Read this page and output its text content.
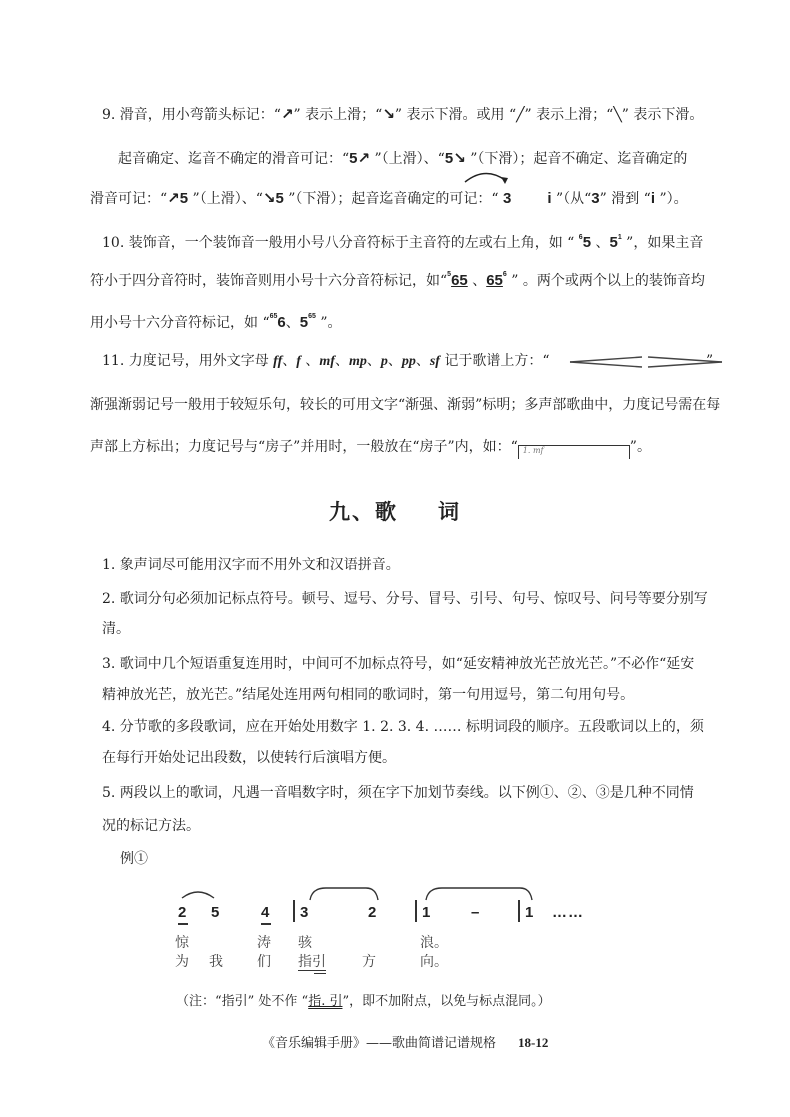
9. 滑音，用小弯箭头标记：“↗” 表示上滑；“↘” 表示下滑。或用 “╱” 表示上滑；“╲” 表示下滑。
起音确定、迄音不确定的滑音可记：“5↗ ”（上滑）、“5↘ ”（下滑）；起音不确定、迄音确定的
滑音可记：“↗5 ”（上滑）、“↘5 ”（下滑）；起音迄音确定的可记：“ 3 i ”（从“3” 滑到 “i ”）。
10. 装饰音，一个装饰音一般用小号八分音符标于主音符的左或右上角，如 “ $^6$5 、$5^1$ ”，如果主音
符小于四分音符时，装饰音则用小号十六分音符标记，如“$^5$65 、$65^6$ ” 。两个或两个以上的装饰音均
用小号十六分音符标记，如 “$^{65}$6、$5^{65}$ ”。
11. 力度记号，用外文字母 ff、f 、mf、mp、p、pp、sf 记于歌谱上方：“	”
渐强渐弱记号一般用于较短乐句，较长的可用文字“渐强、渐弱”标明；多声部歌曲中，力度记号需在每
声部上方标出；力度记号与“房子”并用时，一般放在“房子”内，如：“ 1. mf	”。
九、歌 词
1. 象声词尽可能用汉字而不用外文和汉语拼音。
2. 歌词分句必须加记标点符号。顿号、逗号、分号、冒号、引号、句号、惊叹号、问号等要分别写
清。
3. 歌词中几个短语重复连用时，中间可不加标点符号，如“延安精神放光芒放光芒。”不必作“延安
精神放光芒，放光芒。”结尾处连用两句相同的歌词时，第一句用逗号，第二句用句号。
4. 分节歌的多段歌词，应在开始处用数字 1. 2. 3. 4. …… 标明词段的顺序。五段歌词以上的，须
在每行开始处记出段数，以使转行后演唱方便。
5. 两段以上的歌词，凡遇一音唱数字时，须在字下加划节奏线。以下例①、②、③是几种不同情
况的标记方法。
例①
2 5	4 3	2	1	–	1 ……
惊	涛 骇	浪。
为 我 们 指引	方	向。
（注：“指引” 处不作 “指. 引”，即不加附点，以免与标点混同。）
《音乐编辑手册》——歌曲简谱记谱规格 18-12
